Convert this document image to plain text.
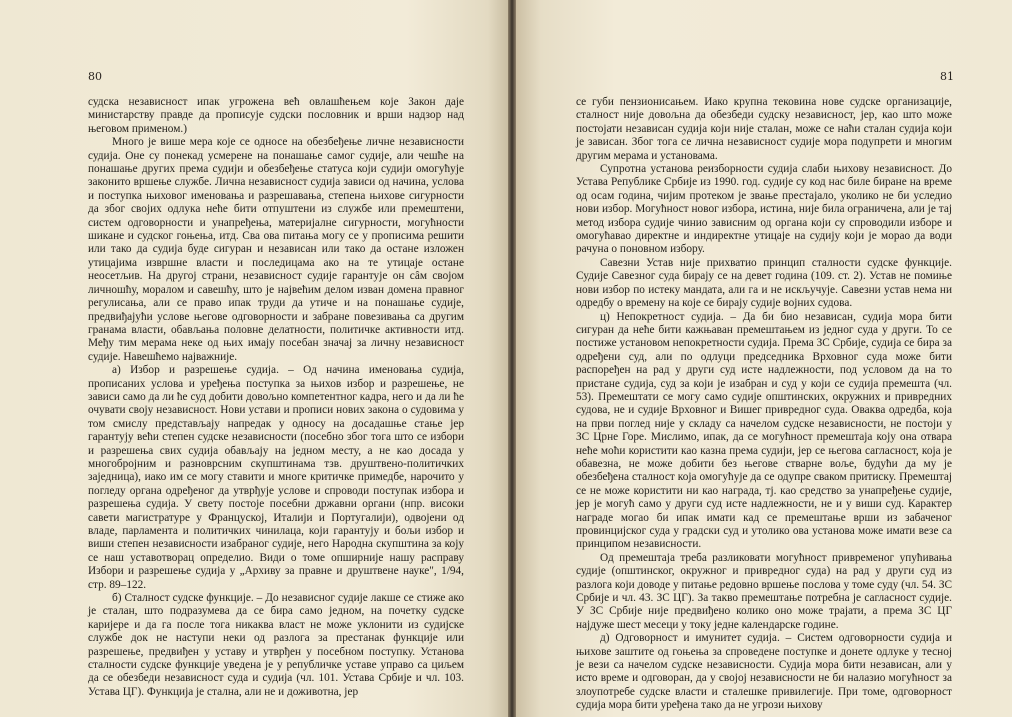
80

судска независност ипак угрожена већ овлашћењем које Закон даје министарству правде да прописује судски пословник и врши надзор над његовом применом.)

Много је више мера које се односе на обезбеђење личне независности судија. Оне су понекад усмерене на понашање самог судије, али чешће на понашање других према судији и обезбеђење статуса који судији омогућује законито вршење службе. Лична независност судија зависи од начина, услова и поступка њиховог именовања и разрешавања, степена њихове сигурности да због својих одлука неће бити отпуштени из службе или премештени, систем одговорности и унапређења, материјалне сигурности, могућности шикане и судског гоњења, итд. Сва ова питања могу се у прописима решити или тако да судија буде сигуран и независан или тако да остане изложен утицајима извршне власти и последицама ако на те утицаје остане неосетљив. На другој страни, независност судије гарантује он сâм својом личношћу, моралом и савешћу, што је највећим делом изван домена правног регулисања, али се право ипак труди да утиче и на понашање судије, предвиђајући услове његове одговорности и забране повезивања са другим гранама власти, обављања половне делатности, политичке активности итд. Међу тим мерама неке од њих имају посебан значај за личну независност судије. Навешћемо најважније.

а) Избор и разрешење судија. – Од начина именовања судија, прописаних услова и уређења поступка за њихов избор и разрешење, не зависи само да ли ће суд добити довољно компетентног кадра, него и да ли ће очувати своју независност. Нови устави и прописи нових закона о судовима у том смислу представљају напредак у односу на досадашње стање јер гарантују већи степен судске независности (посебно због тога што се избори и разрешења свих судија обављају на једном месту, а не као досада у многобројним и разноврсним скупштинама тзв. друштвено-политичких заједница), иако им се могу ставити и многе критичке примедбе, нарочито у погледу органа одређеног да утврђује услове и спроводи поступак избора и разрешења судија. У свету постоје посебни државни органи (нпр. високи савети магистратуре у Француској, Италији и Португалији), одвојени од владе, парламента и политичких чинилаца, који гарантују и бољи избор и виши степен независности изабраног судије, него Народна скупштина за коју се наш уставотворац определио. Види о томе опширније нашу расправу Избори и разрешење судија у „Архиву за правне и друштвене науке", 1/94, стр. 89–122.

б) Сталност судске функције. – До независног судије лакше се стиже ако је сталан, што подразумева да се бира само једном, на почетку судске каријере и да га после тога никаква власт не може уклонити из судијске службе док не наступи неки од разлога за престанак функције или разрешење, предвиђен у уставу и утврђен у посебном поступку. Установа сталности судске функције уведена је у републичке уставе управо са циљем да се обезбеди независност суда и судија (чл. 101. Устава Србије и чл. 103. Устава ЦГ). Функција је стална, али не и доживотна, јер

81

се губи пензионисањем. Иако крупна тековина нове судске организације, сталност није довољна да обезбеди судску независност, јер, као што може постојати независан судија који није сталан, може се наћи сталан судија који је зависан. Због тога се лична независност судије мора подупрети и многим другим мерама и установама.

Супротна установа реизборности судија слаби њихову независност. До Устава Републике Србије из 1990. год. судије су код нас биле биране на време од осам година, чијим протеком је звање престајало, уколико не би уследио нови избор. Могућност новог избора, истина, није била ограничена, али је тај метод избора судије чинио зависним од органа који су спроводили изборе и омогућавао директне и индиректне утицаје на судију који је морао да води рачуна о поновном избору.

Савезни Устав није прихватио принцип сталности судске функције. Судије Савезног суда бирају се на девет година (109. ст. 2). Устав не помиње нови избор по истеку мандата, али га и не искључује. Савезни устав нема ни одредбу о времену на које се бирају судије војних судова.

ц) Непокретност судија. – Да би био независан, судија мора бити сигуран да неће бити кажњаван премештањем из једног суда у други. То се постиже установом непокретности судија. Према ЗС Србије, судија се бира за одређени суд, али по одлуци председника Врховног суда може бити распоређен на рад у други суд исте надлежности, под условом да на то пристане судија, суд за који је изабран и суд у који се судија премешта (чл. 53). Премештати се могу само судије општинских, окружних и привредних судова, не и судије Врховног и Вишег привредног суда. Оваква одредба, која на први поглед није у складу са начелом судске независности, не постоји у ЗС Црне Горе. Мислимо, ипак, да се могућност премештаја коју она отвара неће моћи користити као казна према судији, јер се његова сагласност, која је обавезна, не може добити без његове стварне воље, будући да му је обезбеђена сталност која омогућује да се одупре сваком притиску. Премештај се не може користити ни као награда, тј. као средство за унапређење судије, јер је могућ само у други суд исте надлежности, не и у виши суд. Карактер награде могао би ипак имати кад се премештање врши из забаченог провинцијског суда у градски суд и утолико ова установа може имати везе са принципом независности.

Од премештаја треба разликовати могућност привременог упућивања судије (општинског, окружног и привредног суда) на рад у други суд из разлога који доводе у питање редовно вршење послова у томе суду (чл. 54. ЗС Србије и чл. 43. ЗС ЦГ). За такво премештање потребна је сагласност судије. У ЗС Србије није предвиђено колико оно може трајати, а према ЗС ЦГ најдуже шест месеци у току једне календарске године.

д) Одговорност и имунитет судија. – Систем одговорности судија и њихове заштите од гоњења за спроведене поступке и донете одлуке у тесној је вези са начелом судске независности. Судија мора бити независан, али у исто време и одговоран, да у својој независности не би налазио могућност за злоупотребе судске власти и сталешке привилегије. При томе, одговорност судија мора бити уређена тако да не угрози њихову
